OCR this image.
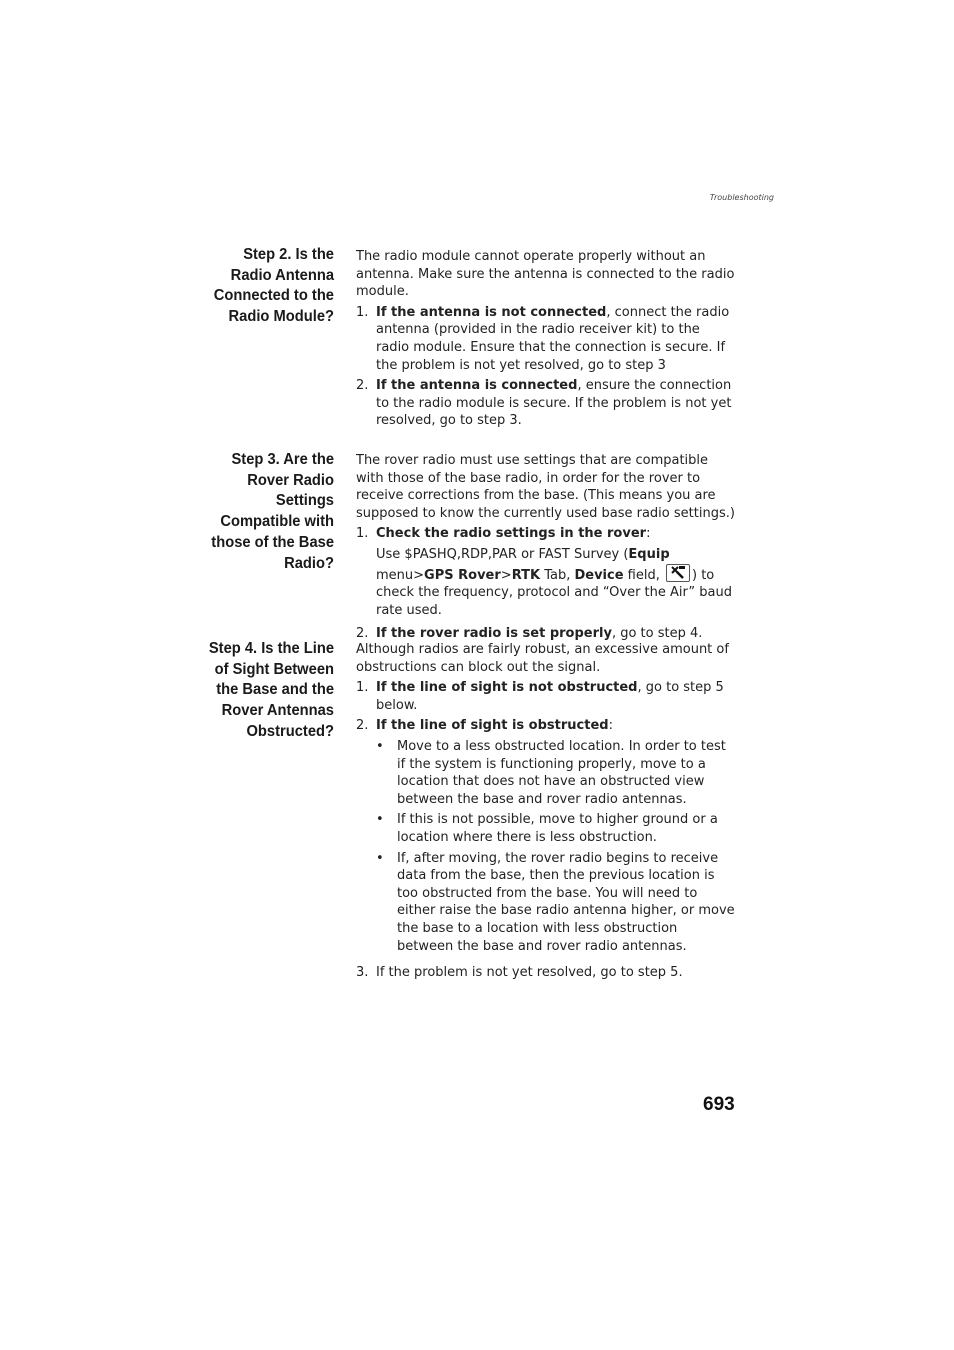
Troubleshooting
Step 2. Is the
Radio Antenna
Connected to the
Radio Module?

The radio module cannot operate properly without an antenna. Make sure the antenna is connected to the radio module.

1. If the antenna is not connected, connect the radio antenna (provided in the radio receiver kit) to the radio module. Ensure that the connection is secure. If the problem is not yet resolved, go to step 3
2. If the antenna is connected, ensure the connection to the radio module is secure. If the problem is not yet resolved, go to step 3.
Step 3. Are the
Rover Radio
Settings
Compatible with
those of the Base
Radio?

The rover radio must use settings that are compatible with those of the base radio, in order for the rover to receive corrections from the base. (This means you are supposed to know the currently used base radio settings.)

1. Check the radio settings in the rover:
Use $PASHQ,RDP,PAR or FAST Survey (Equip menu>GPS Rover>RTK Tab, Device field,
) to check the frequency, protocol and “Over the Air” baud rate used.
2. If the rover radio is set properly, go to step 4.
Step 4. Is the Line
of Sight Between
the Base and the
Rover Antennas
Obstructed?

Although radios are fairly robust, an excessive amount of obstructions can block out the signal.

1. If the line of sight is not obstructed, go to step 5 below.
2. If the line of sight is obstructed:
• Move to a less obstructed location. In order to test if the system is functioning properly, move to a location that does not have an obstructed view between the base and rover radio antennas.
• If this is not possible, move to higher ground or a location where there is less obstruction.
• If, after moving, the rover radio begins to receive data from the base, then the previous location is too obstructed from the base. You will need to either raise the base radio antenna higher, or move the base to a location with less obstruction between the base and rover radio antennas.
3. If the problem is not yet resolved, go to step 5.
693
